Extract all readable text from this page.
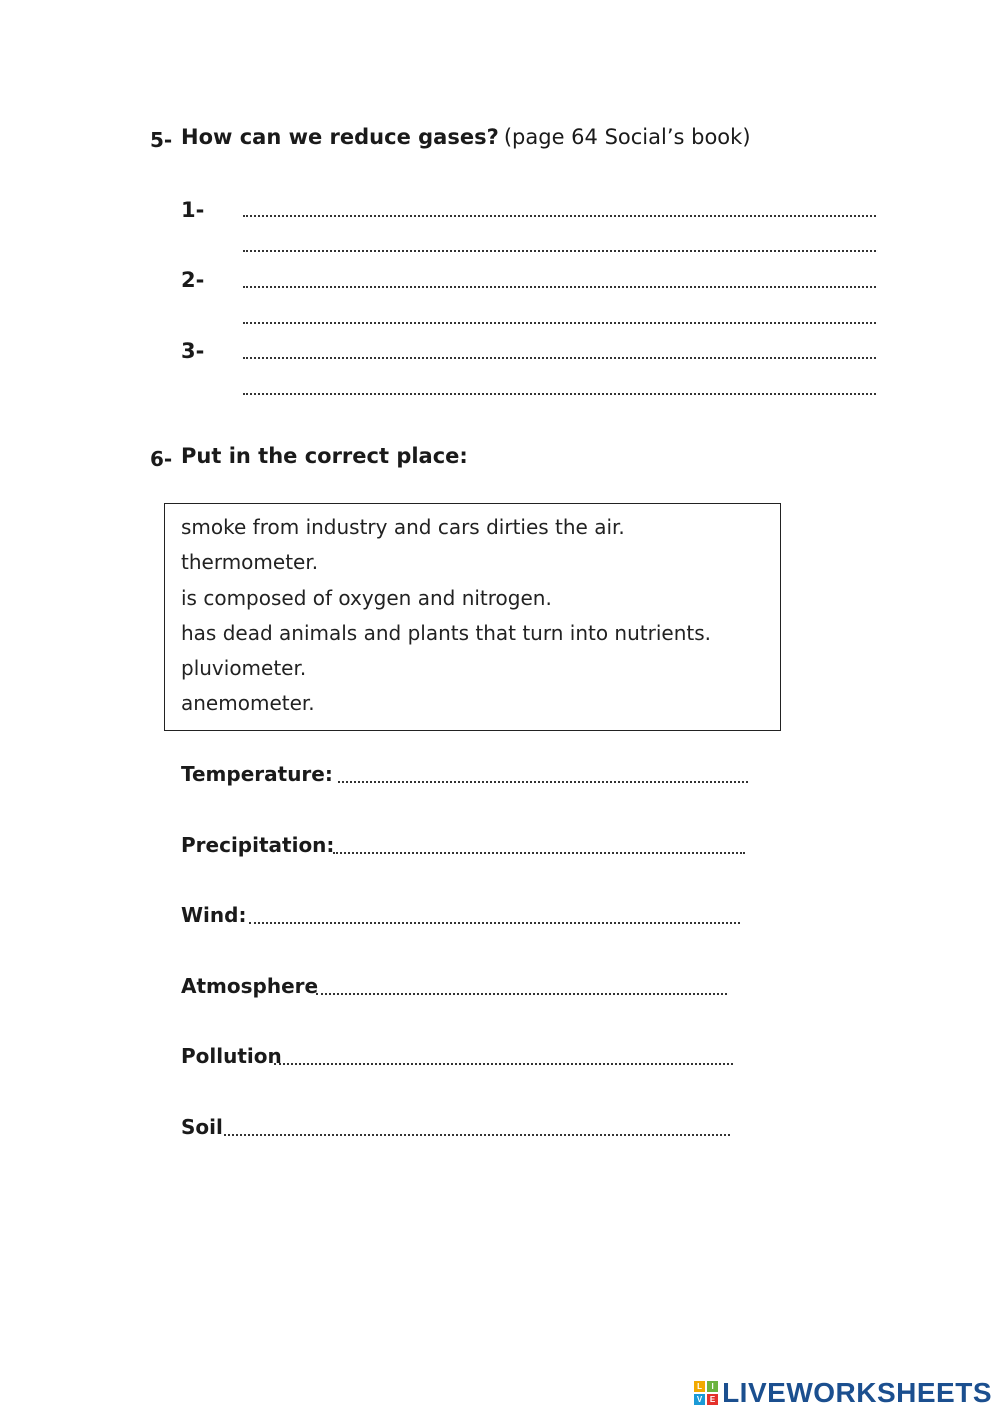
5- How can we reduce gases? (page 64 Social’s book)
1-
2-
3-
6- Put in the correct place:
smoke from industry and cars dirties the air.
thermometer.
is composed of oxygen and nitrogen.
has dead animals and plants that turn into nutrients.
pluviometer.
anemometer.
Temperature:
Precipitation:
Wind:
Atmosphere
Pollution
Soil
L	I
V E LIVEWORKSHEETS
